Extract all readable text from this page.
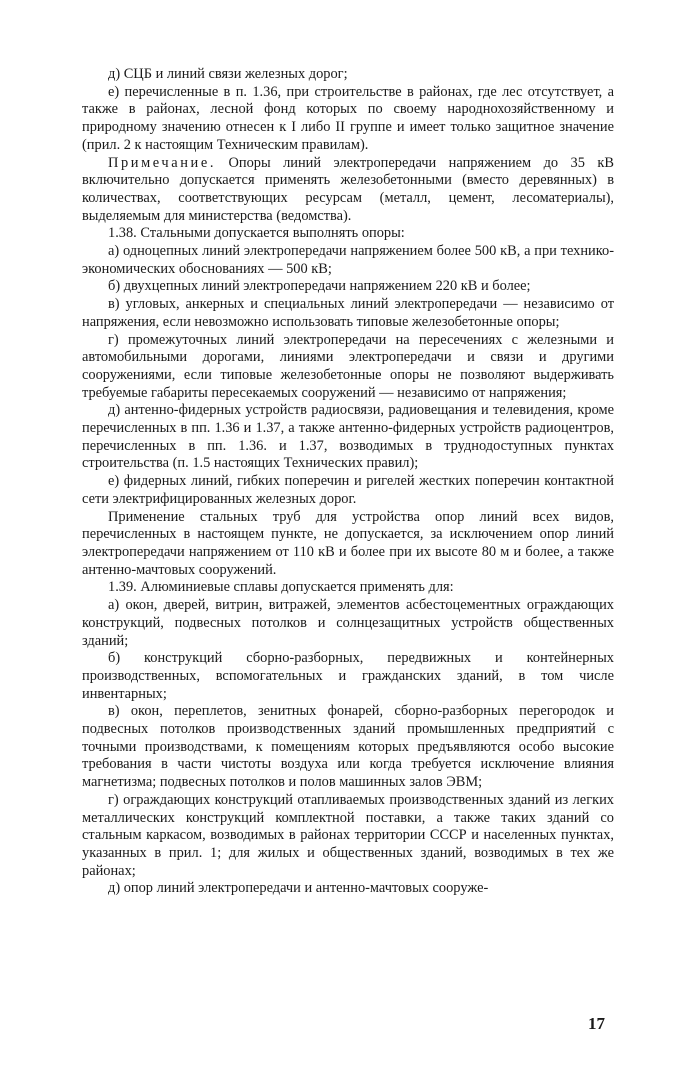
д) СЦБ и линий связи железных дорог;

е) перечисленные в п. 1.36, при строительстве в районах, где лес отсутствует, а также в районах, лесной фонд которых по своему народнохозяйственному и природному значению отнесен к I либо II группе и имеет только защитное значение (прил. 2 к настоящим Техническим правилам).

Примечание. Опоры линий электропередачи напряжением до 35 кВ включительно допускается применять железобетонными (вместо деревянных) в количествах, соответствующих ресурсам (металл, цемент, лесоматериалы), выделяемым для министерства (ведомства).

1.38. Стальными допускается выполнять опоры:

а) одноцепных линий электропередачи напряжением более 500 кВ, а при технико-экономических обоснованиях — 500 кВ;

б) двухцепных линий электропередачи напряжением 220 кВ и более;

в) угловых, анкерных и специальных линий электропередачи — независимо от напряжения, если невозможно использовать типовые железобетонные опоры;

г) промежуточных линий электропередачи на пересечениях с железными и автомобильными дорогами, линиями электропередачи и связи и другими сооружениями, если типовые железобетонные опоры не позволяют выдерживать требуемые габариты пересекаемых сооружений — независимо от напряжения;

д) антенно-фидерных устройств радиосвязи, радиовещания и телевидения, кроме перечисленных в пп. 1.36 и 1.37, а также антенно-фидерных устройств радиоцентров, перечисленных в пп. 1.36. и 1.37, возводимых в труднодоступных пунктах строительства (п. 1.5 настоящих Технических правил);

е) фидерных линий, гибких поперечин и ригелей жестких поперечин контактной сети электрифицированных железных дорог.

Применение стальных труб для устройства опор линий всех видов, перечисленных в настоящем пункте, не допускается, за исключением опор линий электропередачи напряжением от 110 кВ и более при их высоте 80 м и более, а также антенно-мачтовых сооружений.

1.39. Алюминиевые сплавы допускается применять для:

а) окон, дверей, витрин, витражей, элементов асбестоцементных ограждающих конструкций, подвесных потолков и солнцезащитных устройств общественных зданий;

б) конструкций сборно-разборных, передвижных и контейнерных производственных, вспомогательных и гражданских зданий, в том числе инвентарных;

в) окон, переплетов, зенитных фонарей, сборно-разборных перегородок и подвесных потолков производственных зданий промышленных предприятий с точными производствами, к помещениям которых предъявляются особо высокие требования в части чистоты воздуха или когда требуется исключение влияния магнетизма; подвесных потолков и полов машинных залов ЭВМ;

г) ограждающих конструкций отапливаемых производственных зданий из легких металлических конструкций комплектной поставки, а также таких зданий со стальным каркасом, возводимых в районах территории СССР и населенных пунктах, указанных в прил. 1; для жилых и общественных зданий, возводимых в тех же районах;

д) опор линий электропередачи и антенно-мачтовых сооруже-

17
